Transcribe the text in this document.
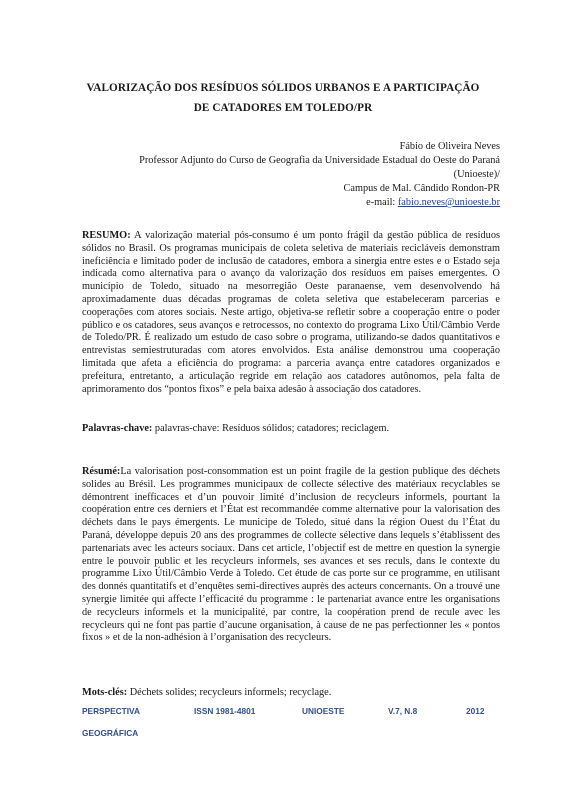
VALORIZAÇÃO DOS RESÍDUOS SÓLIDOS URBANOS E A PARTICIPAÇÃO
DE CATADORES EM TOLEDO/PR
Fábio de Oliveira Neves
Professor Adjunto do Curso de Geografia da Universidade Estadual do Oeste do Paraná
(Unioeste)/
Campus de Mal. Cândido Rondon-PR
e-mail: fabio.neves@unioeste.br
RESUMO: A valorização material pós-consumo é um ponto frágil da gestão pública de resíduos sólidos no Brasil. Os programas municipais de coleta seletiva de materiais recicláveis demonstram ineficiência e limitado poder de inclusão de catadores, embora a sinergia entre estes e o Estado seja indicada como alternativa para o avanço da valorização dos resíduos em países emergentes. O município de Toledo, situado na mesorregião Oeste paranaense, vem desenvolvendo há aproximadamente duas décadas programas de coleta seletiva que estabeleceram parcerias e cooperações com atores sociais. Neste artigo, objetiva-se refletir sobre a cooperação entre o poder público e os catadores, seus avanços e retrocessos, no contexto do programa Lixo Útil/Câmbio Verde de Toledo/PR. É realizado um estudo de caso sobre o programa, utilizando-se dados quantitativos e entrevistas semiestruturadas com atores envolvidos. Esta análise demonstrou uma cooperação limitada que afeta a eficiência do programa: a parceria avança entre catadores organizados e prefeitura, entretanto, a articulação regride em relação aos catadores autônomos, pela falta de aprimoramento dos “pontos fixos” e pela baixa adesão à associação dos catadores.
Palavras-chave: palavras-chave: Resíduos sólidos; catadores; reciclagem.
Résumé:La valorisation post-consommation est un point fragile de la gestion publique des déchets solides au Brésil. Les programmes municipaux de collecte sélective des matériaux recyclables se démontrent inefficaces et d’un pouvoir limité d’inclusion de recycleurs informels, pourtant la coopération entre ces derniers et l’État est recommandée comme alternative pour la valorisation des déchets dans le pays émergents. Le municipe de Toledo, situé dans la région Ouest du l’État du Paraná, développe depuis 20 ans des programmes de collecte sélective dans lequels s’établissent des partenariats avec les acteurs sociaux. Dans cet article, l’objectif est de mettre en question la synergie entre le pouvoir public et les recycleurs informels, ses avances et ses reculs, dans le contexte du programme Lixo Útil/Câmbio Verde à Toledo. Cet étude de cas porte sur ce programme, en utilisant des donnés quantitatifs et d’enquêtes semi-directives auprès des acteurs concernants. On a trouvé une synergie limitée qui affecte l’efficacité du programme : le partenariat avance entre les organisations de recycleurs informels et la municipalité, par contre, la coopération prend de recule avec les recycleurs qui ne font pas partie d’aucune organisation, à cause de ne pas perfectionner les « pontos fixos » et de la non-adhésion à l’organisation des recycleurs.
Mots-clés: Déchets solides; recycleurs informels; recyclage.
PERSPECTIVA
GEOGRÁFICA
ISSN 1981-4801	UNIOESTE	V.7, N.8	2012
